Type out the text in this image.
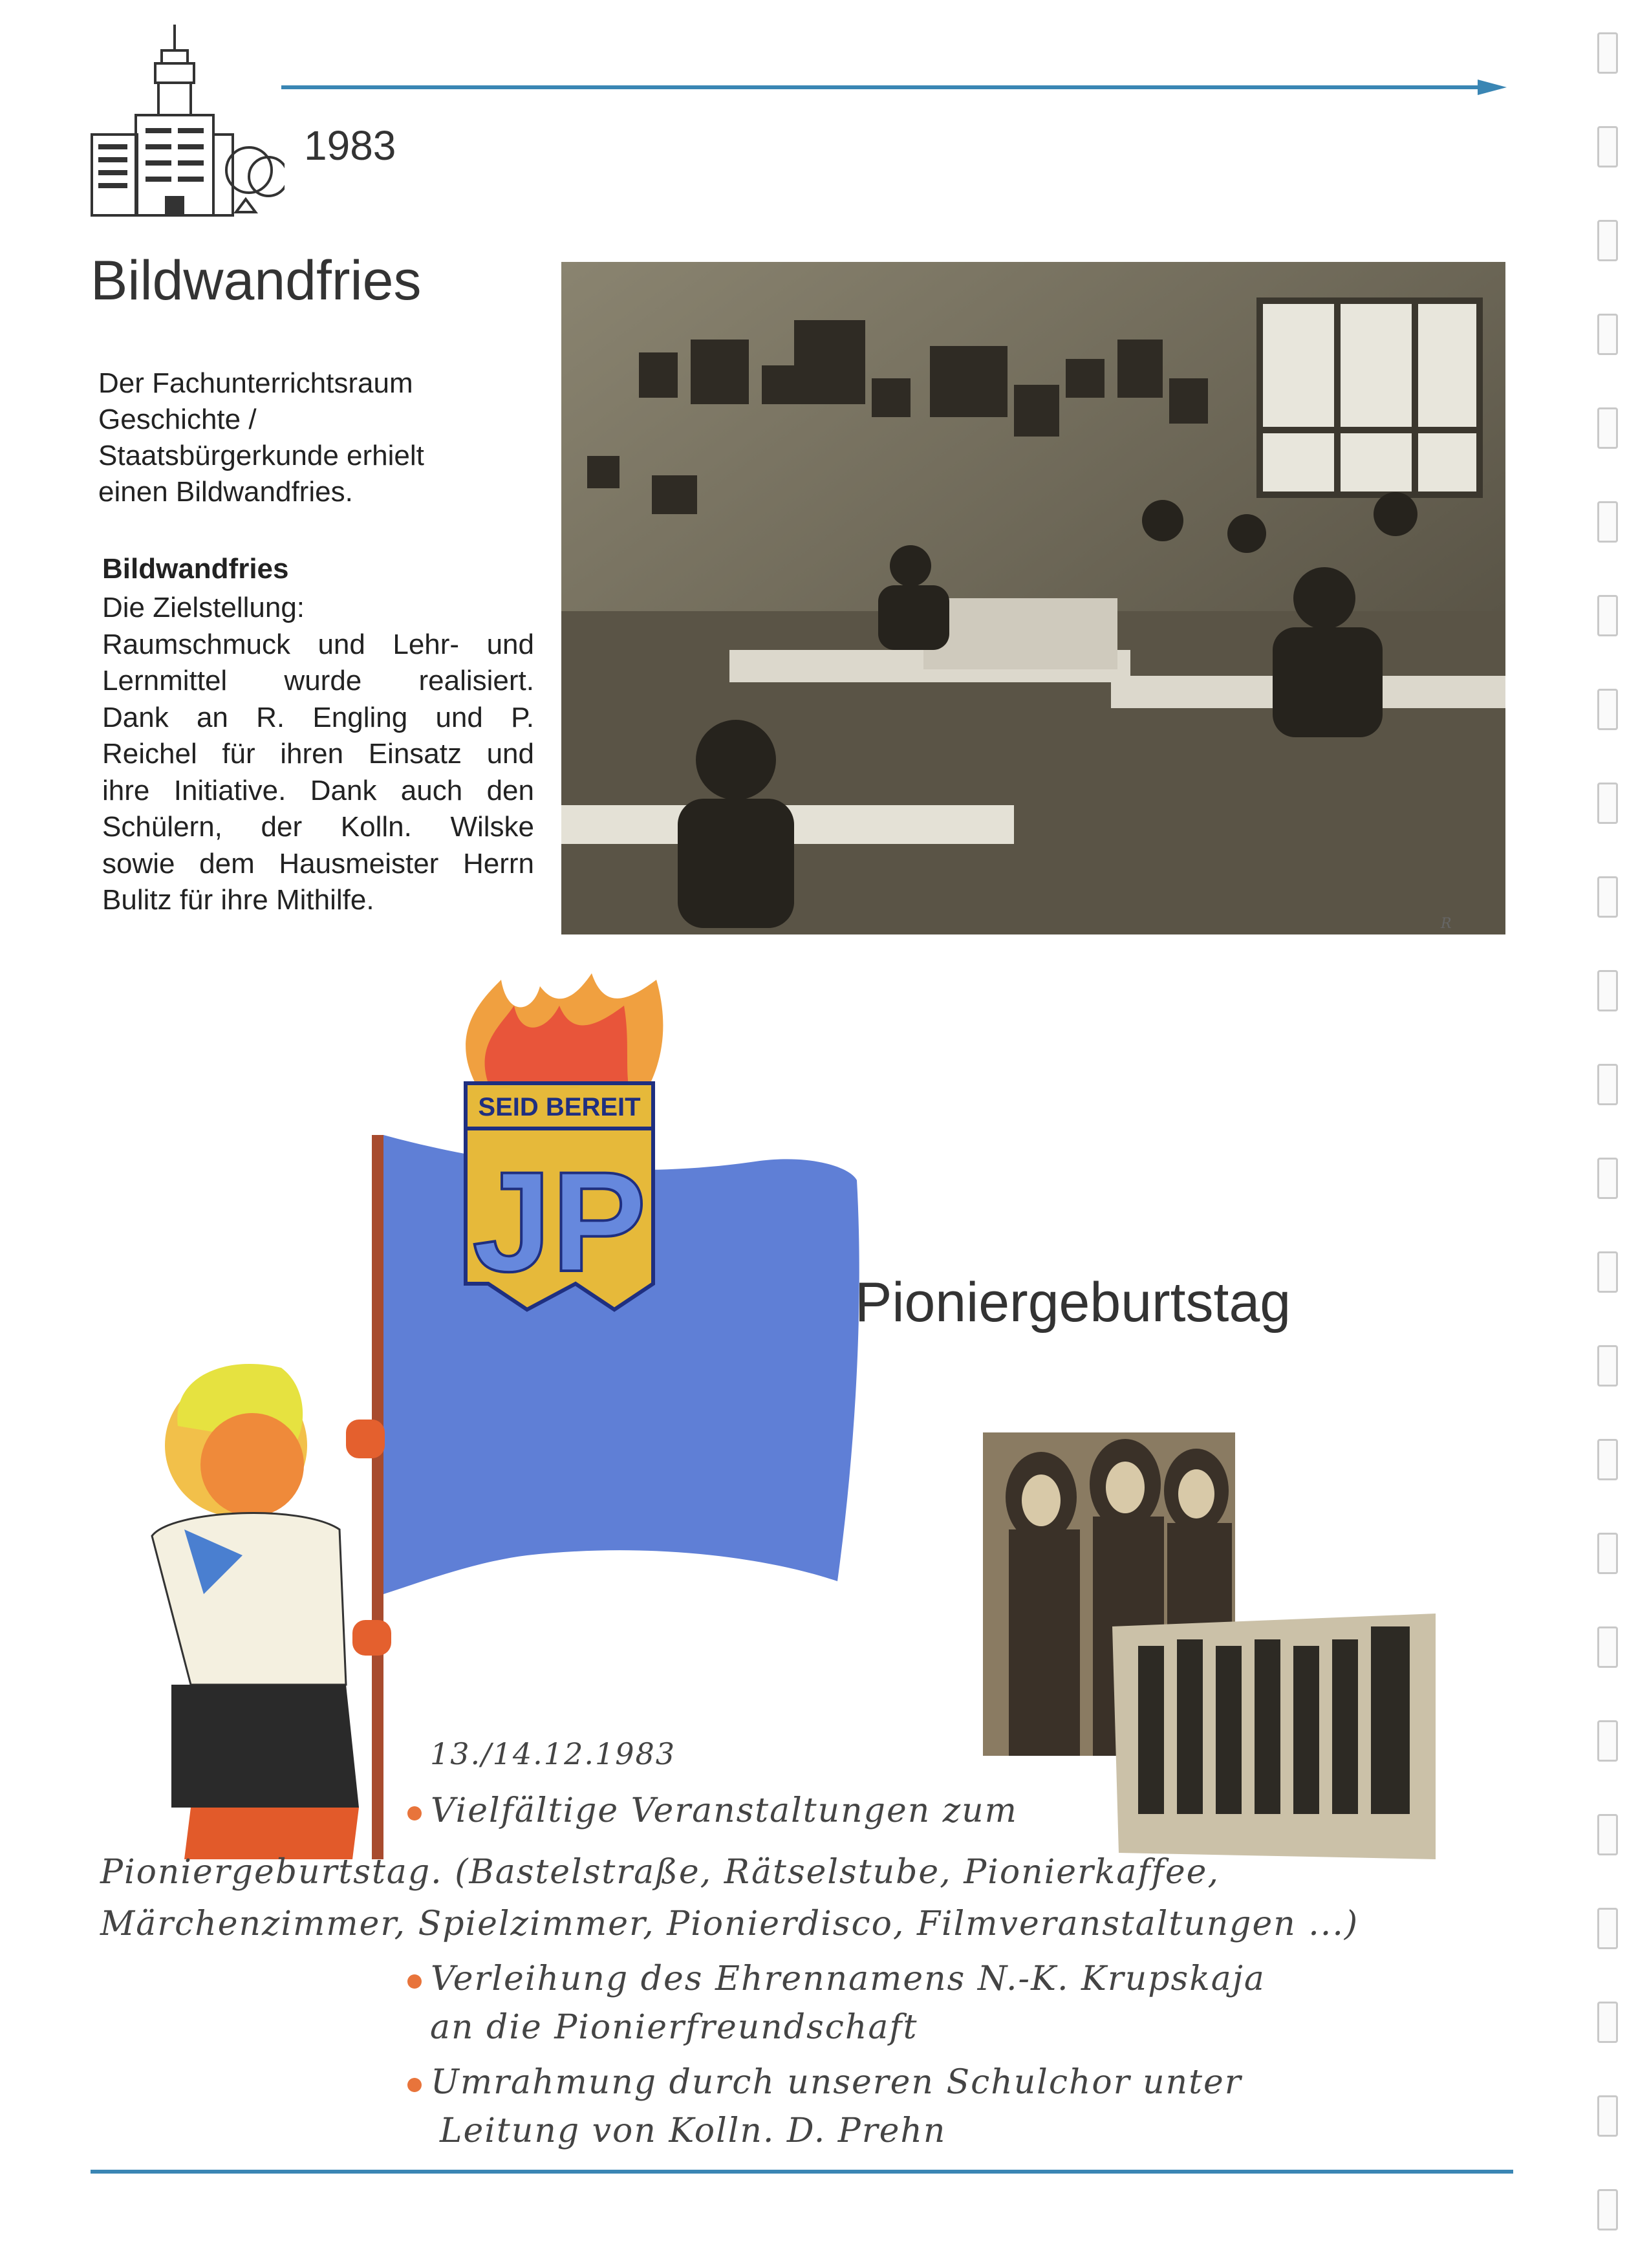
1983
Bildwandfries
Der Fachunterrichtsraum
Geschichte /
Staatsbürgerkunde erhielt
einen Bildwandfries.
Bildwandfries
Die Zielstellung:
Raumschmuck und Lehr- und
Lernmittel wurde realisiert.
Dank an R. Engling und P.
Reichel für ihren Einsatz und
ihre Initiative. Dank auch den
Schülern, der Kolln. Wilske
sowie dem Hausmeister Herrn
Bulitz für ihre Mithilfe.
R
SEID BEREIT
JP
Pioniergeburtstag
13./14.12.1983
Vielfältige Veranstaltungen zum
Pioniergeburtstag. (Bastelstraße, Rätselstube, Pionierkaffee,
Märchenzimmer, Spielzimmer, Pionierdisco, Filmveranstaltungen ...)
Verleihung des Ehrennamens N.-K. Krupskaja
an die Pionierfreundschaft
Umrahmung durch unseren Schulchor unter
Leitung von Kolln. D. Prehn
